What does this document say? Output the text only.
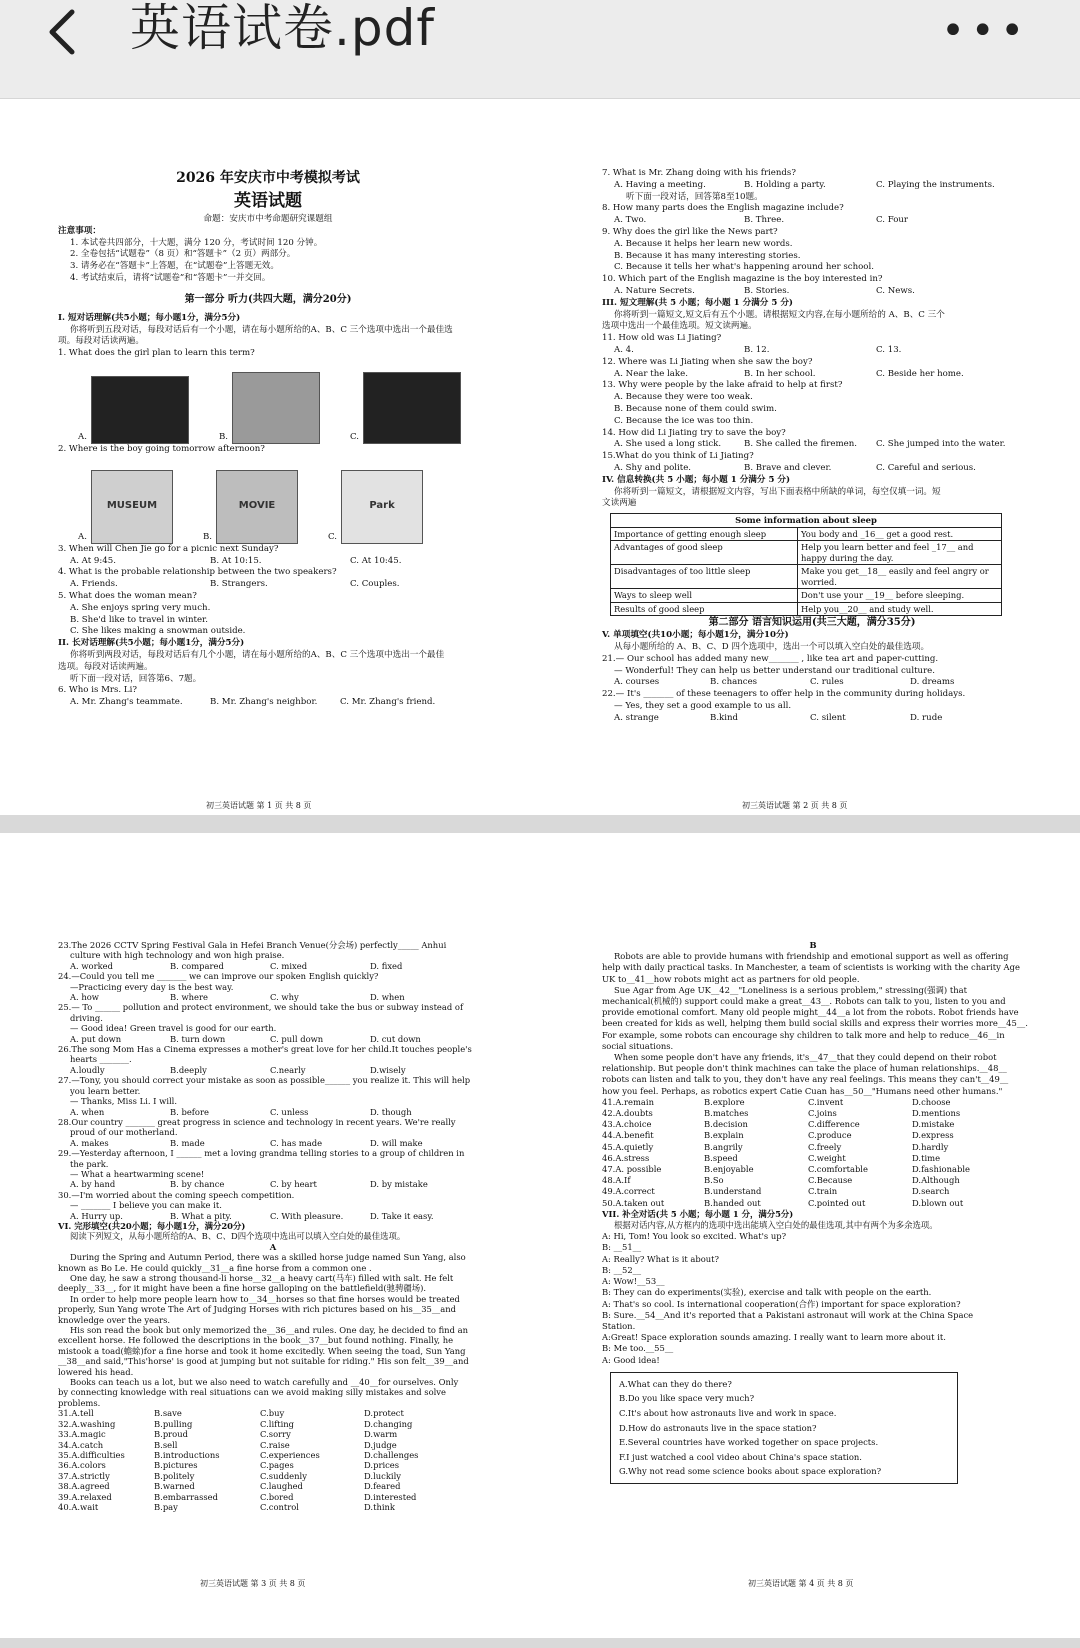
英语试卷.pdf	•••

2026 年安庆市中考模拟考试

英语试题

命题：安庆市中考命题研究课题组

注意事项：

1. 本试卷共四部分，十大题，满分 120 分，考试时间 120 分钟。

2. 全卷包括“试题卷”（8 页）和“答题卡”（2 页）两部分。

3. 请务必在“答题卡”上答题，在“试题卷”上答题无效。

4. 考试结束后，请将“试题卷”和“答题卡”一并交回。

第一部分 听力(共四大题，满分20分)

I. 短对话理解(共5小题；每小题1分，满分5分)

你将听到五段对话，每段对话后有一个小题，请在每小题所给的A、B、C 三个选项中选出一个最佳选

项。每段对话读两遍。

1. What does the girl plan to learn this term?

A.	B.	C.

2. Where is the boy going tomorrow afternoon?

A.
MUSEUM
B.
MOVIE
C.
Park

3. When will Chen Jie go for a picnic next Sunday?

A. At 9:45.	B. At 10:15.	C. At 10:45.

4. What is the probable relationship between the two speakers?

A. Friends.	B. Strangers.	C. Couples.

5. What does the woman mean?

A. She enjoys spring very much.

B. She'd like to travel in winter.

C. She likes making a snowman outside.

II. 长对话理解(共5小题；每小题1分，满分5分)

你将听到两段对话，每段对话后有几个小题，请在每小题所给的A、B、C 三个选项中选出一个最佳

选项。每段对话读两遍。

听下面一段对话，回答第6、7题。

6. Who is Mrs. Li?

A. Mr. Zhang's teammate.	B. Mr. Zhang's neighbor.	C. Mr. Zhang's friend.
初三英语试题 第 1 页 共 8 页

7. What is Mr. Zhang doing with his friends?

A. Having a meeting.	B. Holding a party.	C. Playing the instruments.

听下面一段对话，回答第8至10题。

8. How many parts does the English magazine include?

A. Two.	B. Three.	C. Four

9. Why does the girl like the News part?

A. Because it helps her learn new words.

B. Because it has many interesting stories.

C. Because it tells her what's happening around her school.

10. Which part of the English magazine is the boy interested in?

A. Nature Secrets.	B. Stories.	C. News.

III. 短文理解(共 5 小题；每小题 1 分满分 5 分)

你将听到一篇短文,短文后有五个小题。请根据短文内容,在每小题所给的 A、B、C 三个

选项中选出一个最佳选项。短文读两遍。

11. How old was Li Jiating?

A. 4.	B. 12.	C. 13.

12. Where was Li Jiating when she saw the boy?

A. Near the lake.	B. In her school.	C. Beside her home.

13. Why were people by the lake afraid to help at first?

A. Because they were too weak.

B. Because none of them could swim.

C. Because the ice was too thin.

14. How did Li Jiating try to save the boy?

A. She used a long stick.	B. She called the firemen.	C. She jumped into the water.

15.What do you think of Li Jiating?

A. Shy and polite.	B. Brave and clever.	C. Careful and serious.

IV. 信息转换(共 5 小题；每小题 1 分满分 5 分)

你将听到一篇短文，请根据短文内容，写出下面表格中所缺的单词，每空仅填一词。短

文读两遍

Some information about sleep	
Importance of getting enough sleep	You body and _16__ get a good rest.
Advantages of good sleep	Help you learn better and feel _17__ and happy during the day.
Disadvantages of too little sleep	Make you get__18__ easily and feel angry or worried.
Ways to sleep well	Don't use your __19__ before sleeping.
Results of good sleep	Help you__20__ and study well.

第二部分 语言知识运用(共三大题，满分35分)

V. 单项填空(共10小题；每小题1分，满分10分)

从每小题所给的 A、B、C、D 四个选项中，选出一个可以填入空白处的最佳选项。

21.— Our school has added many new_______ , like tea art and paper-cutting.

— Wonderful! They can help us better understand our traditional culture.

A. courses	B. chances	C. rules	D. dreams

22.— It's _______ of these teenagers to offer help in the community during holidays.

— Yes, they set a good example to us all.

A. strange	B.kind	C. silent	D. rude
初三英语试题 第 2 页 共 8 页

23.The 2026 CCTV Spring Festival Gala in Hefei Branch Venue(分会场) perfectly_____ Anhui

culture with high technology and won high praise.

A. worked	B. compared	C. mixed	D. fixed

24.—Could you tell me _______ we can improve our spoken English quickly?

—Practicing every day is the best way.

A. how	B. where	C. why	D. when

25.— To ______ pollution and protect environment, we should take the bus or subway instead of

driving.

— Good idea! Green travel is good for our earth.

A. put down	B. turn down	C. pull down	D. cut down

26.The song Mom Has a Cinema expresses a mother's great love for her child.It touches people's

hearts _______.

A.loudly	B.deeply	C.nearly	D.wisely

27.—Tony, you should correct your mistake as soon as possible______ you realize it. This will help

you learn better.

— Thanks, Miss Li. I will.

A. when	B. before	C. unless	D. though

28.Our country _______ great progress in science and technology in recent years. We're really

proud of our motherland.

A. makes	B. made	C. has made	D. will make

29.—Yesterday afternoon, I ______ met a loving grandma telling stories to a group of children in

the park.

— What a heartwarming scene!

A. by hand	B. by chance	C. by heart	D. by mistake

30.—I'm worried about the coming speech competition.

— _______ I believe you can make it.

A. Hurry up.	B. What a pity.	C. With pleasure.	D. Take it easy.

VI. 完形填空(共20小题；每小题1分，满分20分)

阅读下列短文，从每小题所给的A、B、C、D四个选项中选出可以填入空白处的最佳选项。

A

During the Spring and Autumn Period, there was a skilled horse judge named Sun Yang, also

known as Bo Le. He could quickly__31__a fine horse from a common one .

One day, he saw a strong thousand-li horse__32__a heavy cart(马车) filled with salt. He felt

deeply__33__, for it might have been a fine horse galloping on the battlefield(驰骋疆场).

In order to help more people learn how to__34__horses so that fine horses would be treated

properly, Sun Yang wrote The Art of Judging Horses with rich pictures based on his__35__and

knowledge over the years.

His son read the book but only memorized the__36__and rules. One day, he decided to find an

excellent horse. He followed the descriptions in the book__37__but found nothing. Finally, he

mistook a toad(蟾蜍)for a fine horse and took it home excitedly. When seeing the toad, Sun Yang

__38__and said,"This'horse' is good at jumping but not suitable for riding." His son felt__39__and

lowered his head.

Books can teach us a lot, but we also need to watch carefully and __40__for ourselves. Only

by connecting knowledge with real situations can we avoid making silly mistakes and solve

problems.

31.A.tell	B.save	C.buy	D.protect
32.A.washing	B.pulling	C.lifting	D.changing
33.A.magic	B.proud	C.sorry	D.warm
34.A.catch	B.sell	C.raise	D.judge
35.A.difficulties	B.introductions	C.experiences	D.challenges
36.A.colors	B.pictures	C.pages	D.prices
37.A.strictly	B.politely	C.suddenly	D.luckily
38.A.agreed	B.warned	C.laughed	D.feared
39.A.relaxed	B.embarrassed	C.bored	D.interested
40.A.wait	B.pay	C.control	D.think
初三英语试题 第 3 页 共 8 页

B

Robots are able to provide humans with friendship and emotional support as well as offering

help with daily practical tasks. In Manchester, a team of scientists is working with the charity Age

UK to__41__how robots might act as partners for old people.

Sue Agar from Age UK__42__"Loneliness is a serious problem," stressing(强调) that

mechanical(机械的) support could make a great__43__. Robots can talk to you, listen to you and

provide emotional comfort. Many old people might__44__a lot from the robots. Robot friends have

been created for kids as well, helping them build social skills and express their worries more__45__.

For example, some robots can encourage shy children to talk more and help to reduce__46__in

social situations.

When some people don't have any friends, it's__47__that they could depend on their robot

relationship. But people don't think machines can take the place of human relationships.__48__

robots can listen and talk to you, they don't have any real feelings. This means they can't__49__

how you feel. Perhaps, as robotics expert Catie Cuan has__50__"Humans need other humans."

41.A.remain	B.explore	C.invent	D.choose
42.A.doubts	B.matches	C.joins	D.mentions
43.A.choice	B.decision	C.difference	D.mistake
44.A.benefit	B.explain	C.produce	D.express
45.A.quietly	B.angrily	C.freely	D.hardly
46.A.stress	B.speed	C.weight	D.time
47.A. possible	B.enjoyable	C.comfortable	D.fashionable
48.A.If	B.So	C.Because	D.Although
49.A.correct	B.understand	C.train	D.search
50.A.taken out	B.handed out	C.pointed out	D.blown out

VII. 补全对话(共 5 小题；每小题 1 分，满分5分)

根据对话内容,从方框内的选项中选出能填入空白处的最佳选项,其中有两个为多余选项。

A: Hi, Tom! You look so excited. What's up?

B: __51__

A: Really? What is it about?

B: __52__

A: Wow!__53__

B: They can do experiments(实验), exercise and talk with people on the earth.

A: That's so cool. Is international cooperation(合作) important for space exploration?

B: Sure.__54__And it's reported that a Pakistani astronaut will work at the China Space

Station.

A:Great! Space exploration sounds amazing. I really want to learn more about it.

B: Me too.__55__

A: Good idea!

A.What can they do there?

B.Do you like space very much?

C.It's about how astronauts live and work in space.

D.How do astronauts live in the space station?

E.Several countries have worked together on space projects.

F.I just watched a cool video about China's space station.

G.Why not read some science books about space exploration?

初三英语试题 第 4 页 共 8 页
